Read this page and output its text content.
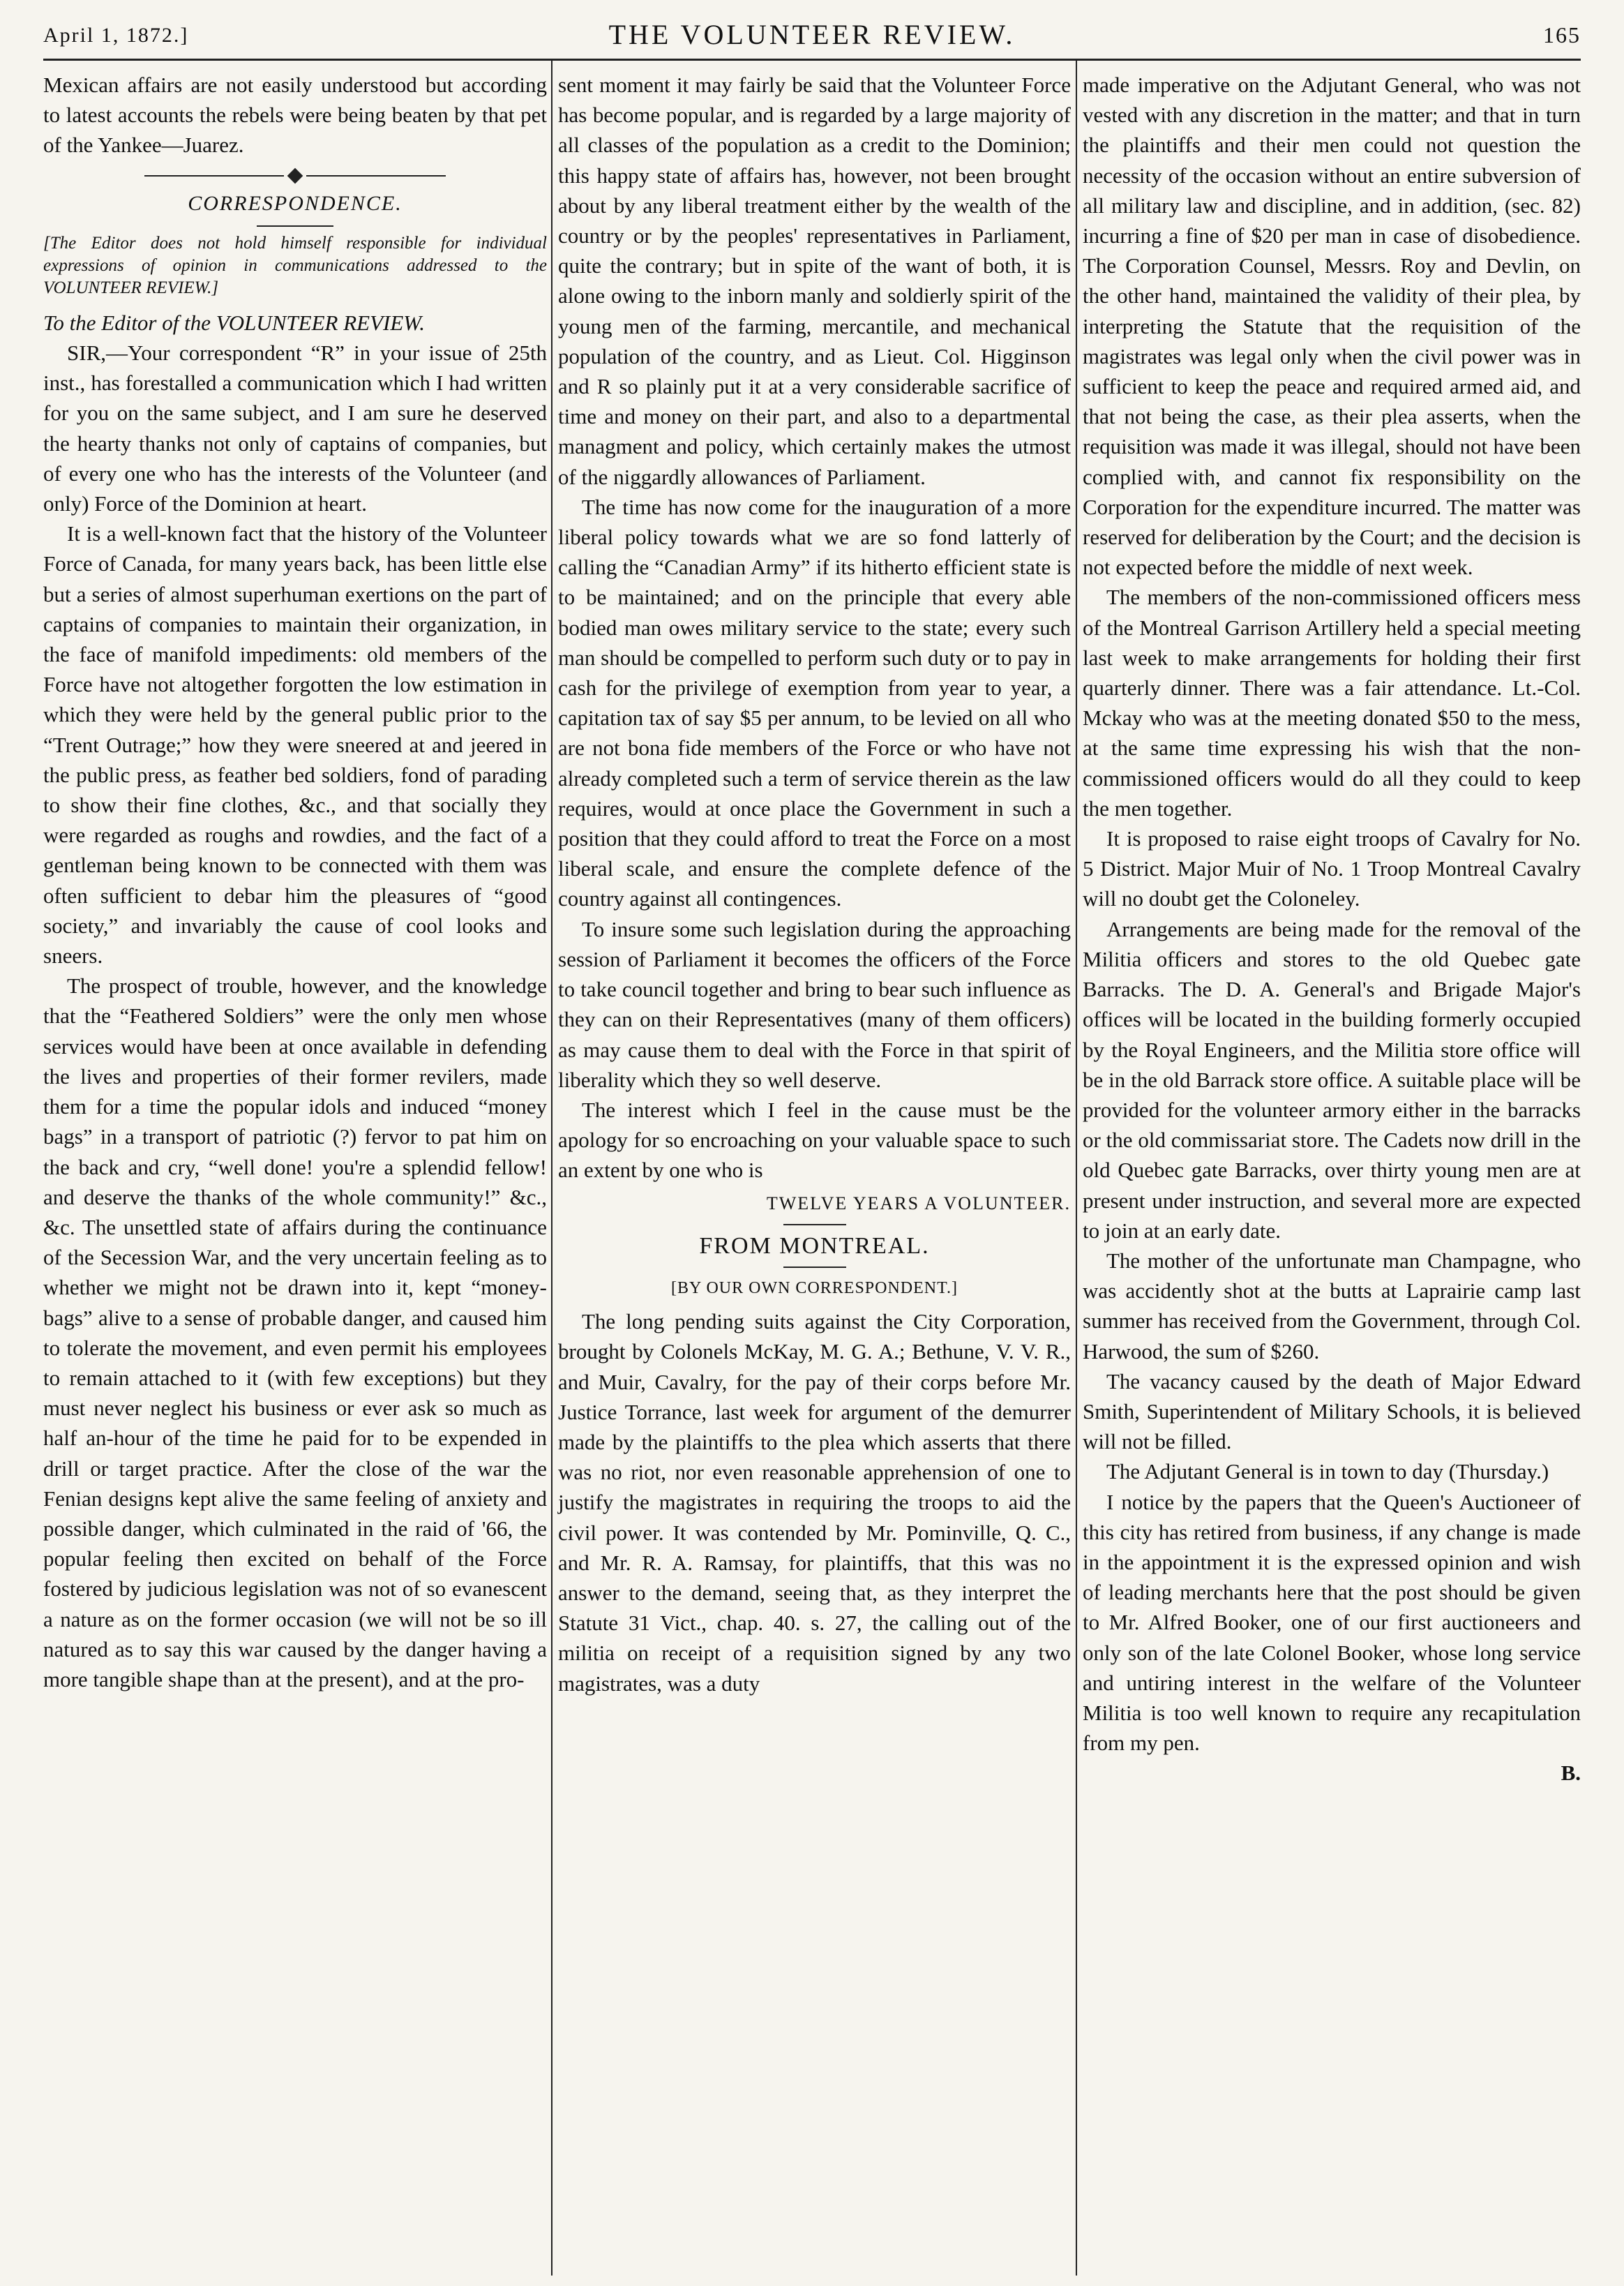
April 1, 1872.]	THE VOLUNTEER REVIEW.	165

Mexican affairs are not easily understood but according to latest accounts the rebels were being beaten by that pet of the Yankee—Juarez.

CORRESPONDENCE.

[The Editor does not hold himself responsible for individual expressions of opinion in communications addressed to the VOLUNTEER REVIEW.]

To the Editor of the VOLUNTEER REVIEW.

SIR,—Your correspondent “R” in your issue of 25th inst., has forestalled a communication which I had written for you on the same subject, and I am sure he deserved the hearty thanks not only of captains of companies, but of every one who has the interests of the Volunteer (and only) Force of the Dominion at heart.

It is a well-known fact that the history of the Volunteer Force of Canada, for many years back, has been little else but a series of almost superhuman exertions on the part of captains of companies to maintain their organization, in the face of manifold impediments: old members of the Force have not altogether forgotten the low estimation in which they were held by the general public prior to the “Trent Outrage;” how they were sneered at and jeered in the public press, as feather bed soldiers, fond of parading to show their fine clothes, &c., and that socially they were regarded as roughs and rowdies, and the fact of a gentleman being known to be connected with them was often sufficient to debar him the pleasures of “good society,” and invariably the cause of cool looks and sneers.

The prospect of trouble, however, and the knowledge that the “Feathered Soldiers” were the only men whose services would have been at once available in defending the lives and properties of their former revilers, made them for a time the popular idols and induced “money bags” in a transport of patriotic (?) fervor to pat him on the back and cry, “well done! you're a splendid fellow! and deserve the thanks of the whole community!” &c., &c. The unsettled state of affairs during the continuance of the Secession War, and the very uncertain feeling as to whether we might not be drawn into it, kept “money-bags” alive to a sense of probable danger, and caused him to tolerate the movement, and even permit his employees to remain attached to it (with few exceptions) but they must never neglect his business or ever ask so much as half an-hour of the time he paid for to be expended in drill or target practice. After the close of the war the Fenian designs kept alive the same feeling of anxiety and possible danger, which culminated in the raid of '66, the popular feeling then excited on behalf of the Force fostered by judicious legislation was not of so evanescent a nature as on the former occasion (we will not be so ill natured as to say this war caused by the danger having a more tangible shape than at the present), and at the pro-

sent moment it may fairly be said that the Volunteer Force has become popular, and is regarded by a large majority of all classes of the population as a credit to the Dominion; this happy state of affairs has, however, not been brought about by any liberal treatment either by the wealth of the country or by the peoples' representatives in Parliament, quite the contrary; but in spite of the want of both, it is alone owing to the inborn manly and soldierly spirit of the young men of the farming, mercantile, and mechanical population of the country, and as Lieut. Col. Higginson and R so plainly put it at a very considerable sacrifice of time and money on their part, and also to a departmental managment and policy, which certainly makes the utmost of the niggardly allowances of Parliament.

The time has now come for the inauguration of a more liberal policy towards what we are so fond latterly of calling the “Canadian Army” if its hitherto efficient state is to be maintained; and on the principle that every able bodied man owes military service to the state; every such man should be compelled to perform such duty or to pay in cash for the privilege of exemption from year to year, a capitation tax of say $5 per annum, to be levied on all who are not bona fide members of the Force or who have not already completed such a term of service therein as the law requires, would at once place the Government in such a position that they could afford to treat the Force on a most liberal scale, and ensure the complete defence of the country against all contingences.

To insure some such legislation during the approaching session of Parliament it becomes the officers of the Force to take council together and bring to bear such influence as they can on their Representatives (many of them officers) as may cause them to deal with the Force in that spirit of liberality which they so well deserve.

The interest which I feel in the cause must be the apology for so encroaching on your valuable space to such an extent by one who is

TWELVE YEARS A VOLUNTEER.

FROM MONTREAL.

[BY OUR OWN CORRESPONDENT.]

The long pending suits against the City Corporation, brought by Colonels McKay, M. G. A.; Bethune, V. V. R., and Muir, Cavalry, for the pay of their corps before Mr. Justice Torrance, last week for argument of the demurrer made by the plaintiffs to the plea which asserts that there was no riot, nor even reasonable apprehension of one to justify the magistrates in requiring the troops to aid the civil power. It was contended by Mr. Pominville, Q. C., and Mr. R. A. Ramsay, for plaintiffs, that this was no answer to the demand, seeing that, as they interpret the Statute 31 Vict., chap. 40. s. 27, the calling out of the militia on receipt of a requisition signed by any two magistrates, was a duty

made imperative on the Adjutant General, who was not vested with any discretion in the matter; and that in turn the plaintiffs and their men could not question the necessity of the occasion without an entire subversion of all military law and discipline, and in addition, (sec. 82) incurring a fine of $20 per man in case of disobedience. The Corporation Counsel, Messrs. Roy and Devlin, on the other hand, maintained the validity of their plea, by interpreting the Statute that the requisition of the magistrates was legal only when the civil power was in sufficient to keep the peace and required armed aid, and that not being the case, as their plea asserts, when the requisition was made it was illegal, should not have been complied with, and cannot fix responsibility on the Corporation for the expenditure incurred. The matter was reserved for deliberation by the Court; and the decision is not expected before the middle of next week.

The members of the non-commissioned officers mess of the Montreal Garrison Artillery held a special meeting last week to make arrangements for holding their first quarterly dinner. There was a fair attendance. Lt.-Col. Mckay who was at the meeting donated $50 to the mess, at the same time expressing his wish that the non-commissioned officers would do all they could to keep the men together.

It is proposed to raise eight troops of Cavalry for No. 5 District. Major Muir of No. 1 Troop Montreal Cavalry will no doubt get the Coloneley.

Arrangements are being made for the removal of the Militia officers and stores to the old Quebec gate Barracks. The D. A. General's and Brigade Major's offices will be located in the building formerly occupied by the Royal Engineers, and the Militia store office will be in the old Barrack store office. A suitable place will be provided for the volunteer armory either in the barracks or the old commissariat store. The Cadets now drill in the old Quebec gate Barracks, over thirty young men are at present under instruction, and several more are expected to join at an early date.

The mother of the unfortunate man Champagne, who was accidently shot at the butts at Laprairie camp last summer has received from the Government, through Col. Harwood, the sum of $260.

The vacancy caused by the death of Major Edward Smith, Superintendent of Military Schools, it is believed will not be filled.

The Adjutant General is in town to day (Thursday.)

I notice by the papers that the Queen's Auctioneer of this city has retired from business, if any change is made in the appointment it is the expressed opinion and wish of leading merchants here that the post should be given to Mr. Alfred Booker, one of our first auctioneers and only son of the late Colonel Booker, whose long service and untiring interest in the welfare of the Volunteer Militia is too well known to require any recapitulation from my pen.

B.
